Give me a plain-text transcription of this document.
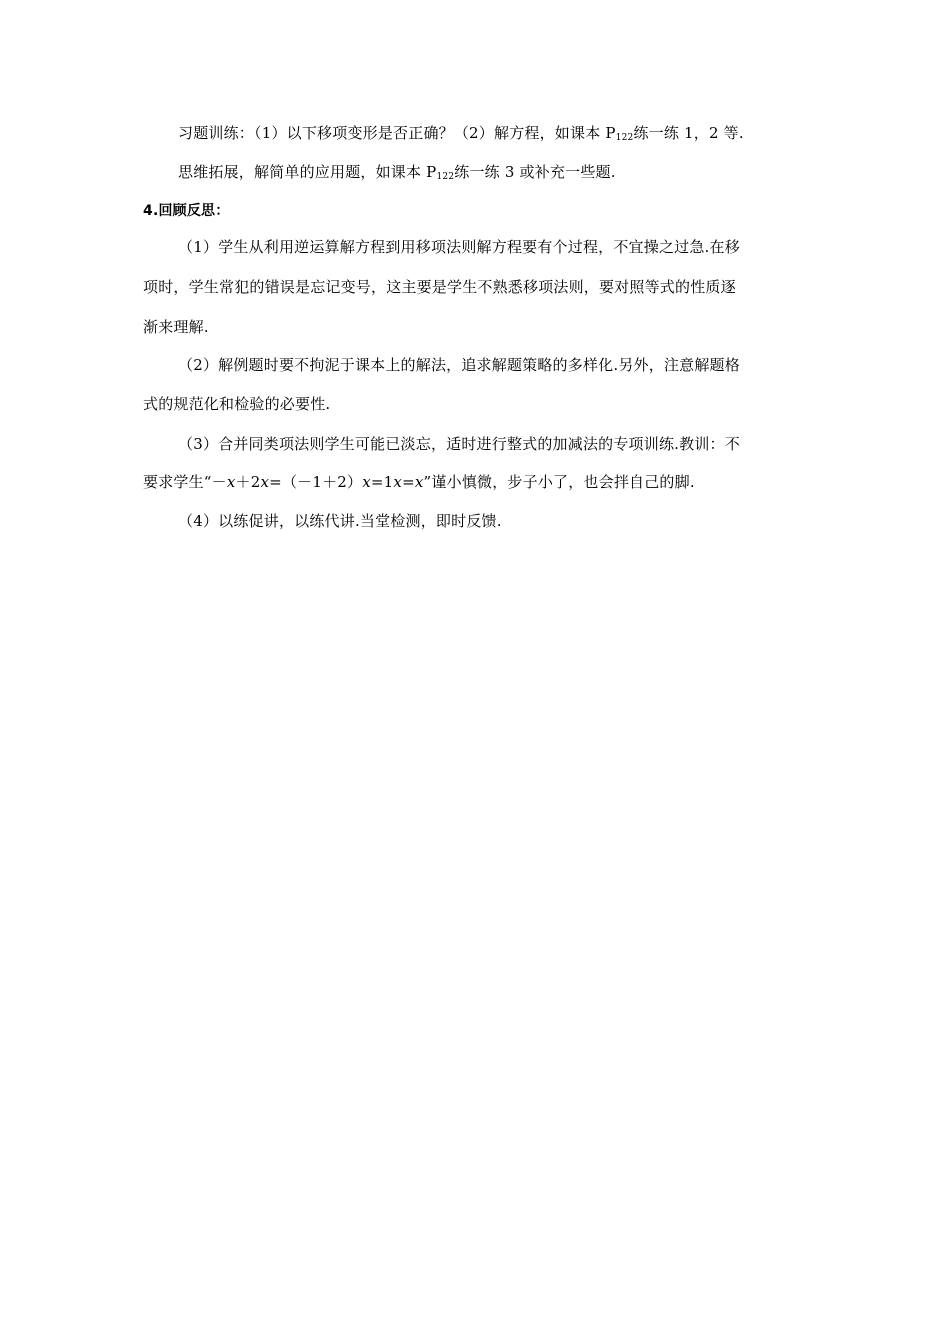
习题训练：（1）以下移项变形是否正确？（2）解方程，如课本 $P_{122}$练一练 1，2 等.
思维拓展，解简单的应用题，如课本 $P_{122}$练一练 3 或补充一些题.
4.回顾反思：
（1）学生从利用逆运算解方程到用移项法则解方程要有个过程，不宜操之过急.在移
项时，学生常犯的错误是忘记变号，这主要是学生不熟悉移项法则，要对照等式的性质逐
渐来理解.
（2）解例题时要不拘泥于课本上的解法，追求解题策略的多样化.另外，注意解题格
式的规范化和检验的必要性.
（3）合并同类项法则学生可能已淡忘，适时进行整式的加减法的专项训练.教训：不
要求学生“－x＋2x=（－1＋2）x=1x=x”谨小慎微，步子小了，也会拌自己的脚.
（4）以练促讲，以练代讲.当堂检测，即时反馈.
